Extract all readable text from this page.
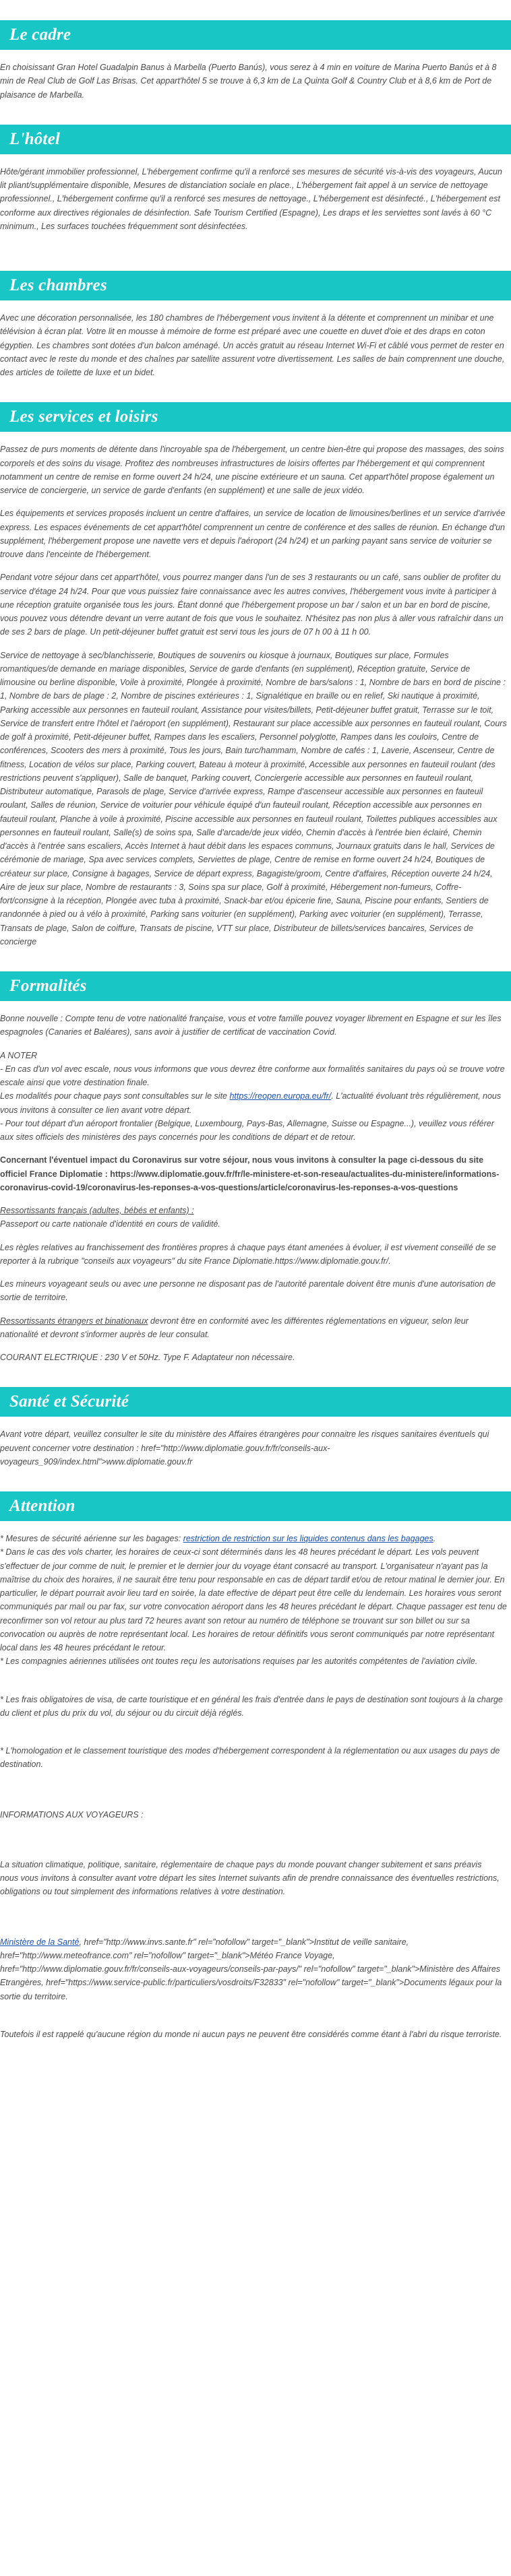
Le cadre

En choisissant Gran Hotel Guadalpin Banus à Marbella (Puerto Banús), vous serez à 4 min en voiture de Marina Puerto Banús et à 8 min de Real Club de Golf Las Brisas. Cet appart'hôtel 5 se trouve à 6,3 km de La Quinta Golf & Country Club et à 8,6 km de Port de plaisance de Marbella.

L'hôtel

Hôte/gérant immobilier professionnel, L'hébergement confirme qu'il a renforcé ses mesures de sécurité vis-à-vis des voyageurs, Aucun lit pliant/supplémentaire disponible, Mesures de distanciation sociale en place., L'hébergement fait appel à un service de nettoyage professionnel., L'hébergement confirme qu'il a renforcé ses mesures de nettoyage., L'hébergement est désinfecté., L'hébergement est conforme aux directives régionales de désinfection. Safe Tourism Certified (Espagne), Les draps et les serviettes sont lavés à 60 °C minimum., Les surfaces touchées fréquemment sont désinfectées.

Les chambres

Avec une décoration personnalisée, les 180 chambres de l'hébergement vous invitent à la détente et comprennent un minibar et une télévision à écran plat. Votre lit en mousse à mémoire de forme est préparé avec une couette en duvet d'oie et des draps en coton égyptien. Les chambres sont dotées d'un balcon aménagé. Un accès gratuit au réseau Internet Wi-Fi et câblé vous permet de rester en contact avec le reste du monde et des chaînes par satellite assurent votre divertissement. Les salles de bain comprennent une douche, des articles de toilette de luxe et un bidet.

Les services et loisirs

Passez de purs moments de détente dans l'incroyable spa de l'hébergement, un centre bien-être qui propose des massages, des soins corporels et des soins du visage. Profitez des nombreuses infrastructures de loisirs offertes par l'hébergement et qui comprennent notamment un centre de remise en forme ouvert 24 h/24, une piscine extérieure et un sauna. Cet appart'hôtel propose également un service de conciergerie, un service de garde d'enfants (en supplément) et une salle de jeux vidéo.

Les équipements et services proposés incluent un centre d'affaires, un service de location de limousines/berlines et un service d'arrivée express. Les espaces événements de cet appart'hôtel comprennent un centre de conférence et des salles de réunion. En échange d'un supplément, l'hébergement propose une navette vers et depuis l'aéroport (24 h/24) et un parking payant sans service de voiturier se trouve dans l'enceinte de l'hébergement.

Pendant votre séjour dans cet appart'hôtel, vous pourrez manger dans l'un de ses 3 restaurants ou un café, sans oublier de profiter du service d'étage 24 h/24. Pour que vous puissiez faire connaissance avec les autres convives, l'hébergement vous invite à participer à une réception gratuite organisée tous les jours. Étant donné que l'hébergement propose un bar / salon et un bar en bord de piscine, vous pouvez vous détendre devant un verre autant de fois que vous le souhaitez. N'hésitez pas non plus à aller vous rafraîchir dans un de ses 2 bars de plage. Un petit-déjeuner buffet gratuit est servi tous les jours de 07 h 00 à 11 h 00.

Service de nettoyage à sec/blanchisserie, Boutiques de souvenirs ou kiosque à journaux, Boutiques sur place, Formules romantiques/de demande en mariage disponibles, Service de garde d'enfants (en supplément), Réception gratuite, Service de limousine ou berline disponible, Voile à proximité, Plongée à proximité, Nombre de bars/salons : 1, Nombre de bars en bord de piscine : 1, Nombre de bars de plage : 2, Nombre de piscines extérieures : 1, Signalétique en braille ou en relief, Ski nautique à proximité, Parking accessible aux personnes en fauteuil roulant, Assistance pour visites/billets, Petit-déjeuner buffet gratuit, Terrasse sur le toit, Service de transfert entre l'hôtel et l'aéroport (en supplément), Restaurant sur place accessible aux personnes en fauteuil roulant, Cours de golf à proximité, Petit-déjeuner buffet, Rampes dans les escaliers, Personnel polyglotte, Rampes dans les couloirs, Centre de conférences, Scooters des mers à proximité, Tous les jours, Bain turc/hammam, Nombre de cafés : 1, Laverie, Ascenseur, Centre de fitness, Location de vélos sur place, Parking couvert, Bateau à moteur à proximité, Accessible aux personnes en fauteuil roulant (des restrictions peuvent s'appliquer), Salle de banquet, Parking couvert, Conciergerie accessible aux personnes en fauteuil roulant, Distributeur automatique, Parasols de plage, Service d'arrivée express, Rampe d'ascenseur accessible aux personnes en fauteuil roulant, Salles de réunion, Service de voiturier pour véhicule équipé d'un fauteuil roulant, Réception accessible aux personnes en fauteuil roulant, Planche à voile à proximité, Piscine accessible aux personnes en fauteuil roulant, Toilettes publiques accessibles aux personnes en fauteuil roulant, Salle(s) de soins spa, Salle d'arcade/de jeux vidéo, Chemin d'accès à l'entrée bien éclairé, Chemin d'accès à l'entrée sans escaliers, Accès Internet à haut débit dans les espaces communs, Journaux gratuits dans le hall, Services de cérémonie de mariage, Spa avec services complets, Serviettes de plage, Centre de remise en forme ouvert 24 h/24, Boutiques de créateur sur place, Consigne à bagages, Service de départ express, Bagagiste/groom, Centre d'affaires, Réception ouverte 24 h/24, Aire de jeux sur place, Nombre de restaurants : 3, Soins spa sur place, Golf à proximité, Hébergement non-fumeurs, Coffre-fort/consigne à la réception, Plongée avec tuba à proximité, Snack-bar et/ou épicerie fine, Sauna, Piscine pour enfants, Sentiers de randonnée à pied ou à vélo à proximité, Parking sans voiturier (en supplément), Parking avec voiturier (en supplément), Terrasse, Transats de plage, Salon de coiffure, Transats de piscine, VTT sur place, Distributeur de billets/services bancaires, Services de concierge

Formalités

Bonne nouvelle : Compte tenu de votre nationalité française, vous et votre famille pouvez voyager librement en Espagne et sur les îles espagnoles (Canaries et Baléares), sans avoir à justifier de certificat de vaccination Covid.

A NOTER
- En cas d'un vol avec escale, nous vous informons que vous devrez être conforme aux formalités sanitaires du pays où se trouve votre escale ainsi que votre destination finale.
Les modalités pour chaque pays sont consultables sur le site https://reopen.europa.eu/fr/. L'actualité évoluant très régulièrement, nous vous invitons à consulter ce lien avant votre départ.
- Pour tout départ d'un aéroport frontalier (Belgique, Luxembourg, Pays-Bas, Allemagne, Suisse ou Espagne...), veuillez vous référer aux sites officiels des ministères des pays concernés pour les conditions de départ et de retour.

Concernant l'éventuel impact du Coronavirus sur votre séjour, nous vous invitons à consulter la page ci-dessous du site officiel France Diplomatie : https://www.diplomatie.gouv.fr/fr/le-ministere-et-son-reseau/actualites-du-ministere/informations-coronavirus-covid-19/coronavirus-les-reponses-a-vos-questions/article/coronavirus-les-reponses-a-vos-questions

Ressortissants français (adultes, bébés et enfants) :
Passeport ou carte nationale d'identité en cours de validité.

Les règles relatives au franchissement des frontières propres à chaque pays étant amenées à évoluer, il est vivement conseillé de se reporter à la rubrique "conseils aux voyageurs" du site France Diplomatie.https://www.diplomatie.gouv.fr/.

Les mineurs voyageant seuls ou avec une personne ne disposant pas de l'autorité parentale doivent être munis d'une autorisation de sortie de territoire.

Ressortissants étrangers et binationaux devront être en conformité avec les différentes réglementations en vigueur, selon leur nationalité et devront s'informer auprès de leur consulat.

COURANT ELECTRIQUE : 230 V et 50Hz. Type F. Adaptateur non nécessaire.

Santé et Sécurité

Avant votre départ, veuillez consulter le site du ministère des Affaires étrangères pour connaitre les risques sanitaires éventuels qui peuvent concerner votre destination : href="http://www.diplomatie.gouv.fr/fr/conseils-aux-voyageurs_909/index.html">www.diplomatie.gouv.fr

Attention

* Mesures de sécurité aérienne sur les bagages: restriction de restriction sur les liquides contenus dans les bagages.

* Dans le cas des vols charter, les horaires de ceux-ci sont déterminés dans les 48 heures précédant le départ. Les vols peuvent s'effectuer de jour comme de nuit, le premier et le dernier jour du voyage étant consacré au transport. L'organisateur n'ayant pas la maîtrise du choix des horaires, il ne saurait être tenu pour responsable en cas de départ tardif et/ou de retour matinal le dernier jour. En particulier, le départ pourrait avoir lieu tard en soirée, la date effective de départ peut être celle du lendemain. Les horaires vous seront communiqués par mail ou par fax, sur votre convocation aéroport dans les 48 heures précédant le départ. Chaque passager est tenu de reconfirmer son vol retour au plus tard 72 heures avant son retour au numéro de téléphone se trouvant sur son billet ou sur sa convocation ou auprès de notre représentant local. Les horaires de retour définitifs vous seront communiqués par notre représentant local dans les 48 heures précédant le retour.

* Les compagnies aériennes utilisées ont toutes reçu les autorisations requises par les autorités compétentes de l'aviation civile.

* Les frais obligatoires de visa, de carte touristique et en général les frais d'entrée dans le pays de destination sont toujours à la charge du client et plus du prix du vol, du séjour ou du circuit déjà réglés.

* L'homologation et le classement touristique des modes d'hébergement correspondent à la réglementation ou aux usages du pays de destination.

INFORMATIONS AUX VOYAGEURS :

La situation climatique, politique, sanitaire, réglementaire de chaque pays du monde pouvant changer subitement et sans préavis

nous vous invitons à consulter avant votre départ les sites Internet suivants afin de prendre connaissance des éventuelles restrictions, obligations ou tout simplement des informations relatives à votre destination.

Ministère de la Santé, href="http://www.invs.sante.fr" rel="nofollow" target="_blank">Institut de veille sanitaire, href="http://www.meteofrance.com" rel="nofollow" target="_blank">Météo France Voyage, href="http://www.diplomatie.gouv.fr/fr/conseils-aux-voyageurs/conseils-par-pays/" rel="nofollow" target="_blank">Ministère des Affaires Etrangères, href="https://www.service-public.fr/particuliers/vosdroits/F32833" rel="nofollow" target="_blank">Documents légaux pour la sortie du territoire.

Toutefois il est rappelé qu'aucune région du monde ni aucun pays ne peuvent être considérés comme étant à l'abri du risque terroriste.
